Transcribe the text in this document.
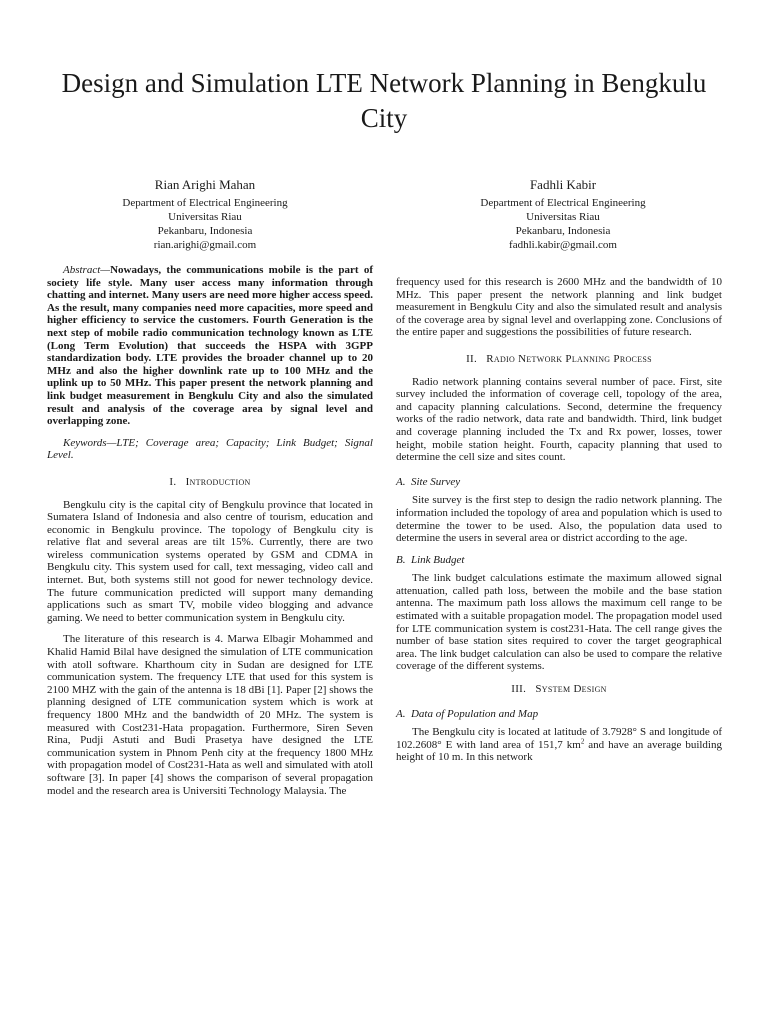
Design and Simulation LTE Network Planning in Bengkulu City
Rian Arighi Mahan
Department of Electrical Engineering
Universitas Riau
Pekanbaru, Indonesia
rian.arighi@gmail.com
Fadhli Kabir
Department of Electrical Engineering
Universitas Riau
Pekanbaru, Indonesia
fadhli.kabir@gmail.com

Abstract—Nowadays, the communications mobile is the part of society life style. Many user access many information through chatting and internet. Many users are need more higher access speed. As the result, many companies need more capacities, more speed and higher efficiency to service the customers. Fourth Generation is the next step of mobile radio communication technology known as LTE (Long Term Evolution) that succeeds the HSPA with 3GPP standardization body. LTE provides the broader channel up to 20 MHz and also the higher downlink rate up to 100 MHz and the uplink up to 50 MHz. This paper present the network planning and link budget measurement in Bengkulu City and also the simulated result and analysis of the coverage area by signal level and overlapping zone.

Keywords—LTE; Coverage area; Capacity; Link Budget; Signal Level.

I. Introduction

Bengkulu city is the capital city of Bengkulu province that located in Sumatera Island of Indonesia and also centre of tourism, education and economic in Bengkulu province. The topology of Bengkulu city is relative flat and several areas are tilt 15%. Currently, there are two wireless communication systems operated by GSM and CDMA in Bengkulu city. This system used for call, text messaging, video call and internet. But, both systems still not good for newer technology device. The future communication predicted will support many demanding applications such as smart TV, mobile video blogging and advance gaming. We need to better communication system in Bengkulu city.

The literature of this research is 4. Marwa Elbagir Mohammed and Khalid Hamid Bilal have designed the simulation of LTE communication with atoll software. Kharthoum city in Sudan are designed for LTE communication system. The frequency LTE that used for this system is 2100 MHZ with the gain of the antenna is 18 dBi [1]. Paper [2] shows the planning designed of LTE communication system which is work at frequency 1800 MHz and the bandwidth of 20 MHz. The system is measured with Cost231-Hata propagation. Furthermore, Siren Seven Rina, Pudji Astuti and Budi Prasetya have designed the LTE communication system in Phnom Penh city at the frequency 1800 MHz with propagation model of Cost231-Hata as well and simulated with atoll software [3]. In paper [4] shows the comparison of several propagation model and the research area is Universiti Technology Malaysia. The

frequency used for this research is 2600 MHz and the bandwidth of 10 MHz. This paper present the network planning and link budget measurement in Bengkulu City and also the simulated result and analysis of the coverage area by signal level and overlapping zone. Conclusions of the entire paper and suggestions the possibilities of future research.

II. Radio Network Planning Process

Radio network planning contains several number of pace. First, site survey included the information of coverage cell, topology of the area, and capacity planning calculations. Second, determine the frequency works of the radio network, data rate and bandwidth. Third, link budget and coverage planning included the Tx and Rx power, losses, tower height, mobile station height. Fourth, capacity planning that used to determine the cell size and sites count.

A. Site Survey

Site survey is the first step to design the radio network planning. The information included the topology of area and population which is used to determine the tower to be used. Also, the population data used to determine the users in several area or district according to the age.

B. Link Budget

The link budget calculations estimate the maximum allowed signal attenuation, called path loss, between the mobile and the base station antenna. The maximum path loss allows the maximum cell range to be estimated with a suitable propagation model. The propagation model used for LTE communication system is cost231-Hata. The cell range gives the number of base station sites required to cover the target geographical area. The link budget calculation can also be used to compare the relative coverage of the different systems.

III. System Design
A. Data of Population and Map

The Bengkulu city is located at latitude of 3.7928° S and longitude of 102.2608° E with land area of 151,7 $km^2$ and have an average building height of 10 m. In this network
